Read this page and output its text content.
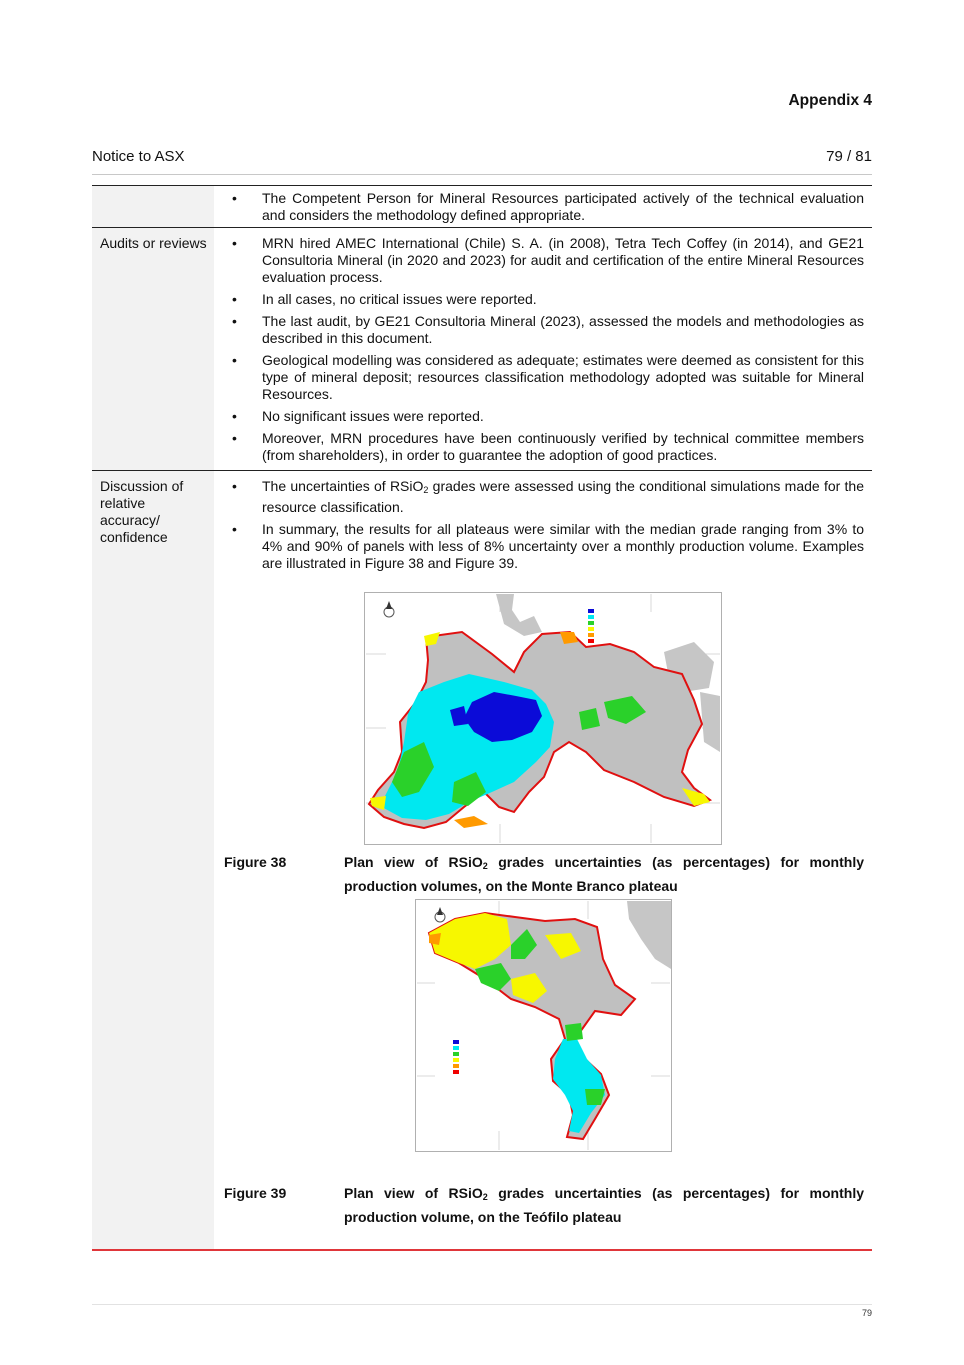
Appendix 4
Notice to ASX	79 / 81
• The Competent Person for Mineral Resources participated actively of the technical evaluation and considers the methodology defined appropriate.
Audits or reviews
•	MRN hired AMEC International (Chile) S. A. (in 2008), Tetra Tech Coffey (in 2014), and GE21 Consultoria Mineral (in 2020 and 2023) for audit and certification of the entire Mineral Resources evaluation process.
• In all cases, no critical issues were reported.
• The last audit, by GE21 Consultoria Mineral (2023), assessed the models and methodologies as described in this document.
• Geological modelling was considered as adequate; estimates were deemed as consistent for this type of mineral deposit; resources classification methodology adopted was suitable for Mineral Resources.
• No significant issues were reported.
• Moreover, MRN procedures have been continuously verified by technical committee members (from shareholders), in order to guarantee the adoption of good practices.
Discussion of relative accuracy/ confidence
• The uncertainties of RSiO$_2$ grades were assessed using the conditional simulations made for the resource classification.
• In summary, the results for all plateaus were similar with the median grade ranging from 3% to 4% and 90% of panels with less of 8% uncertainty over a monthly production volume. Examples are illustrated in Figure 38 and Figure 39.
Figure 38	Plan view of RSiO$_2$ grades uncertainties (as percentages) for monthly production volumes, on the Monte Branco plateau
Figure 39	Plan view of RSiO$_2$ grades uncertainties (as percentages) for monthly production volume, on the Teófilo plateau
79
